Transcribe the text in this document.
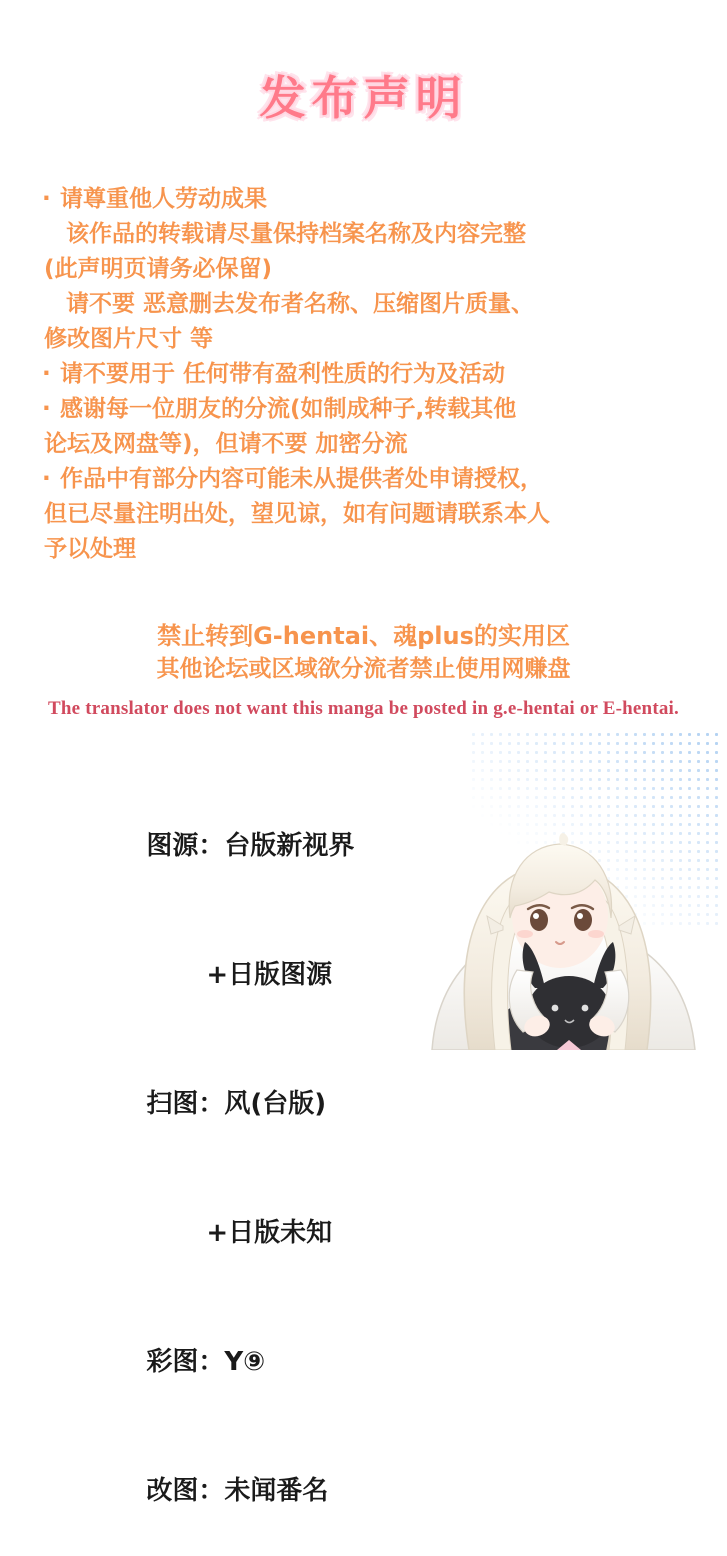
发布声明
· 请尊重他人劳动成果
该作品的转载请尽量保持档案名称及内容完整
(此声明页请务必保留)
请不要 恶意删去发布者名称、压缩图片质量、
修改图片尺寸 等
· 请不要用于 任何带有盈利性质的行为及活动
· 感谢每一位朋友的分流(如制成种子,转载其他
论坛及网盘等)，但请不要 加密分流
· 作品中有部分内容可能未从提供者处申请授权，
但已尽量注明出处，望见谅，如有问题请联系本人
予以处理
禁止转到G-hentai、魂plus的实用区
其他论坛或区域欲分流者禁止使用网赚盘
The translator does not want this manga be posted in g.e-hentai or E-hentai.

图源：台版新视界

+日版图源

扫图：风(台版)

+日版未知

彩图：Y⑨

改图：未闻番名
